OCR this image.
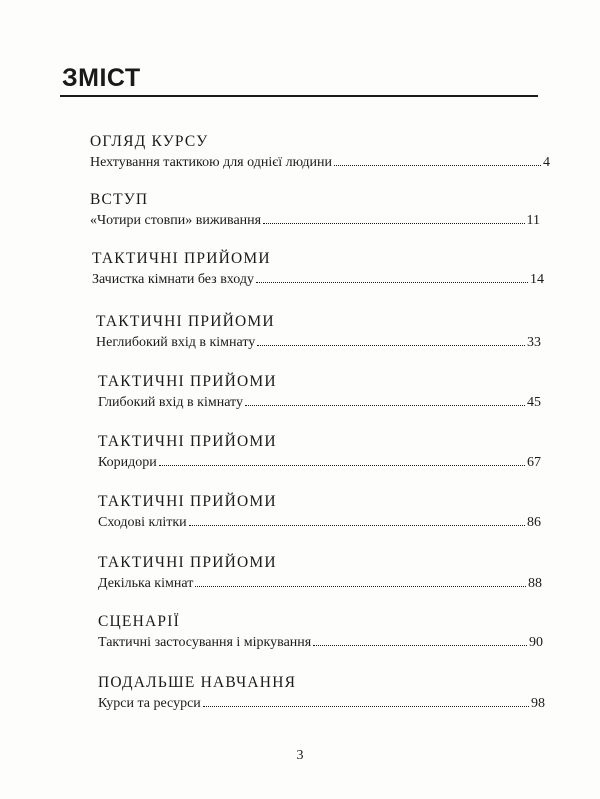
ЗМІСТ
ОГЛЯД КУРСУ
Нехтування тактикою для однієї людини	4
ВСТУП
«Чотири стовпи» виживання	11
ТАКТИЧНІ ПРИЙОМИ
Зачистка кімнати без входу	14
ТАКТИЧНІ ПРИЙОМИ
Неглибокий вхід в кімнату	33
ТАКТИЧНІ ПРИЙОМИ
Глибокий вхід в кімнату	45
ТАКТИЧНІ ПРИЙОМИ
Коридори	67
ТАКТИЧНІ ПРИЙОМИ
Сходові клітки	86
ТАКТИЧНІ ПРИЙОМИ
Декілька кімнат	88
СЦЕНАРІЇ
Тактичні застосування і міркування	90
ПОДАЛЬШЕ НАВЧАННЯ
Курси та ресурси	98
3
